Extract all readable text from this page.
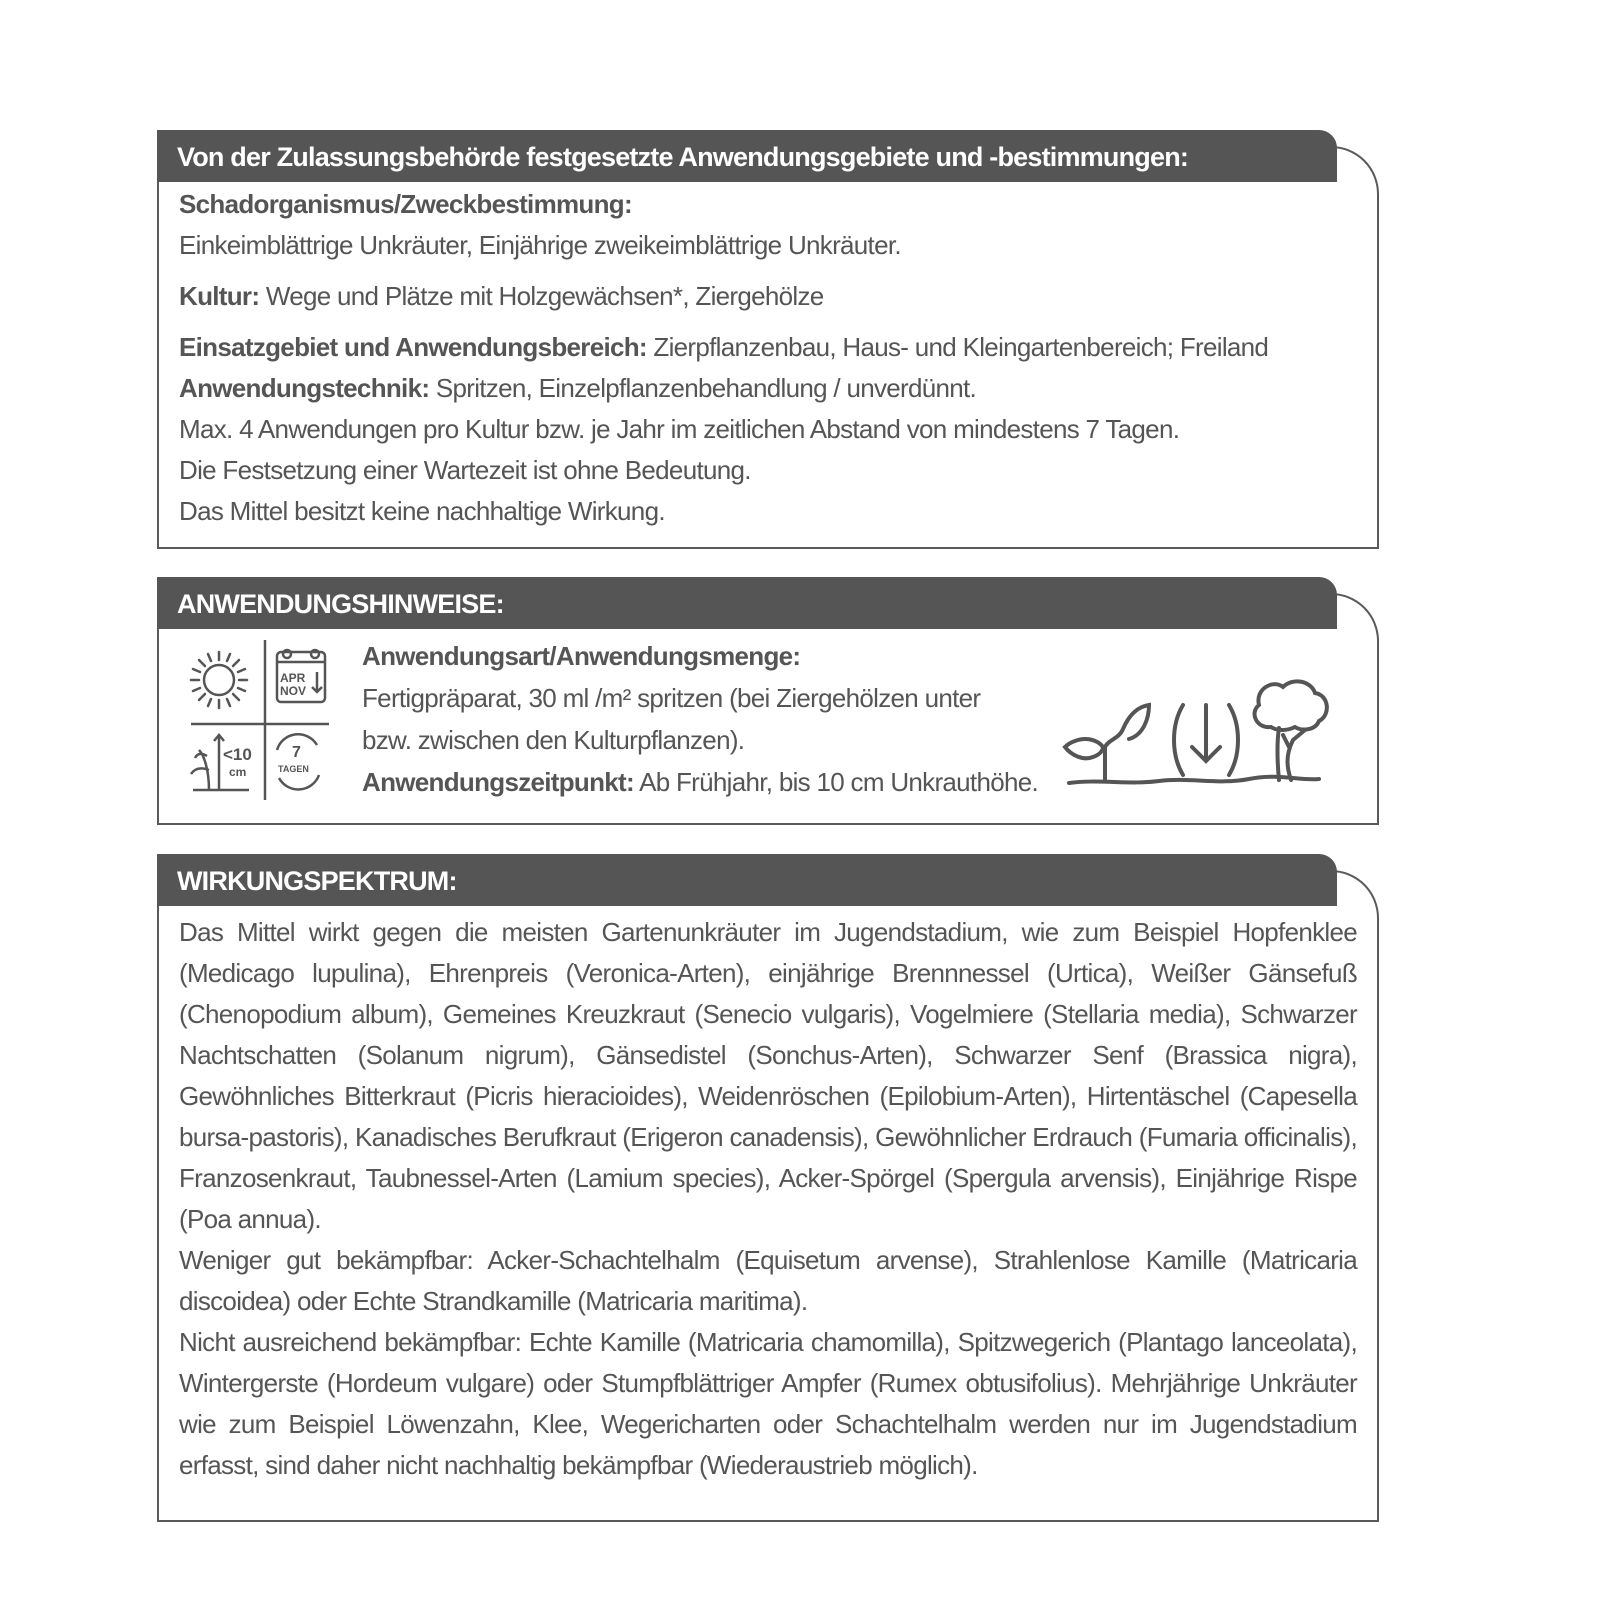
Von der Zulassungsbehörde festgesetzte Anwendungsgebiete und -bestimmungen:

Schadorganismus/Zweckbestimmung:

Einkeimblättrige Unkräuter, Einjährige zweikeimblättrige Unkräuter.

Kultur: Wege und Plätze mit Holzgewächsen*, Ziergehölze

Einsatzgebiet und Anwendungsbereich: Zierpflanzenbau, Haus- und Kleingartenbereich; Freiland

Anwendungstechnik: Spritzen, Einzelpflanzenbehandlung / unverdünnt.

Max. 4 Anwendungen pro Kultur bzw. je Jahr im zeitlichen Abstand von mindestens 7 Tagen.

Die Festsetzung einer Wartezeit ist ohne Bedeutung.

Das Mittel besitzt keine nachhaltige Wirkung.

ANWENDUNGSHINWEISE:
APR
NOV
<10
cm
7
TAGEN
Anwendungsart/Anwendungsmenge:
Fertigpräparat, 30 ml /m² spritzen (bei Ziergehölzen unter
bzw. zwischen den Kulturpflanzen).
Anwendungszeitpunkt: Ab Frühjahr, bis 10 cm Unkrauthöhe.
WIRKUNGSPEKTRUM:

Das Mittel wirkt gegen die meisten Gartenunkräuter im Jugendstadium, wie zum Beispiel Hopfenklee (Medicago lupulina), Ehrenpreis (Veronica-Arten), einjährige Brennnessel (Urtica), Weißer Gänsefuß (Chenopodium album), Gemeines Kreuzkraut (Senecio vulgaris), Vogelmiere (Stellaria media), Schwarzer Nachtschatten (Solanum nigrum), Gänsedistel (Sonchus-Arten), Schwarzer Senf (Brassica nigra), Gewöhnliches Bitterkraut (Picris hieracioides), Weidenröschen (Epilobium-Arten), Hirtentäschel (Capesella bursa-pastoris), Kanadisches Berufkraut (Erigeron canadensis), Gewöhnlicher Erdrauch (Fumaria officinalis), Franzosenkraut, Taubnessel-Arten (Lamium species), Acker-Spörgel (Spergula arvensis), Einjährige Rispe (Poa annua).

Weniger gut bekämpfbar: Acker-Schachtelhalm (Equisetum arvense), Strahlenlose Kamille (Matricaria discoidea) oder Echte Strandkamille (Matricaria maritima).

Nicht ausreichend bekämpfbar: Echte Kamille (Matricaria chamomilla), Spitzwegerich (Plantago lanceolata), Wintergerste (Hordeum vulgare) oder Stumpfblättriger Ampfer (Rumex obtusifolius). Mehrjährige Unkräuter wie zum Beispiel Löwenzahn, Klee, Wegericharten oder Schachtelhalm werden nur im Jugendstadium erfasst, sind daher nicht nachhaltig bekämpfbar (Wiederaustrieb möglich).
